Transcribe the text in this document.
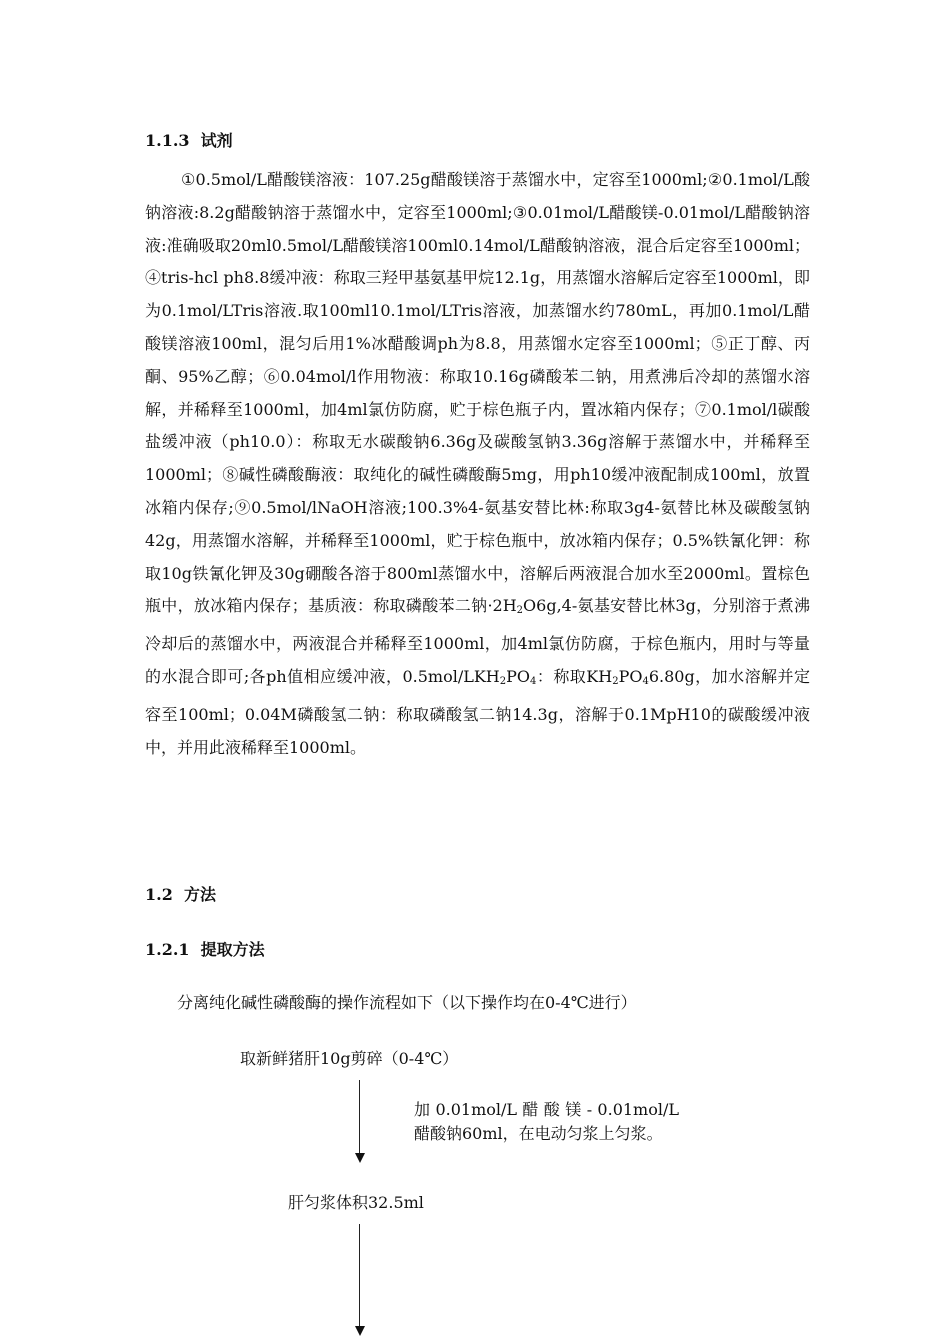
1.1.3  试剂

①0.5mol/L醋酸镁溶液：107.25g醋酸镁溶于蒸馏水中，定容至1000ml;②0.1mol/L酸钠溶液:8.2g醋酸钠溶于蒸馏水中，定容至1000ml;③0.01mol/L醋酸镁-0.01mol/L醋酸钠溶液:准确吸取20ml0.5mol/L醋酸镁溶100ml0.14mol/L醋酸钠溶液，混合后定容至1000ml；④tris-hcl ph8.8缓冲液：称取三羟甲基氨基甲烷12.1g，用蒸馏水溶解后定容至1000ml，即为0.1mol/LTris溶液.取100ml10.1mol/LTris溶液，加蒸馏水约780mL，再加0.1mol/L醋酸镁溶液100ml，混匀后用1%冰醋酸调ph为8.8，用蒸馏水定容至1000ml；⑤正丁醇、丙酮、95%乙醇；⑥0.04mol/l作用物液：称取10.16g磷酸苯二钠，用煮沸后冷却的蒸馏水溶解，并稀释至1000ml，加4ml氯仿防腐，贮于棕色瓶子内，置冰箱内保存；⑦0.1mol/l碳酸盐缓冲液（ph10.0）：称取无水碳酸钠6.36g及碳酸氢钠3.36g溶解于蒸馏水中，并稀释至1000ml；⑧碱性磷酸酶液：取纯化的碱性磷酸酶5mg，用ph10缓冲液配制成100ml，放置冰箱内保存;⑨0.5mol/lNaOH溶液;100.3%4-氨基安替比林:称取3g4-氨替比林及碳酸氢钠42g，用蒸馏水溶解，并稀释至1000ml，贮于棕色瓶中，放冰箱内保存；0.5%铁氰化钾：称取10g铁氰化钾及30g硼酸各溶于800ml蒸馏水中，溶解后两液混合加水至2000ml。置棕色瓶中，放冰箱内保存；基质液：称取磷酸苯二钠$\cdot 2H_2O6g,4-$氨基安替比林3g，分别溶于煮沸冷却后的蒸馏水中，两液混合并稀释至1000ml，加4ml氯仿防腐，于棕色瓶内，用时与等量的水混合即可;各ph值相应缓冲液，$0.5mol/LKH_2PO_4$：称取$KH_2PO_46.80g$，加水溶解并定容至100ml；0.04M磷酸氢二钠：称取磷酸氢二钠14.3g，溶解于0.1MpH10的碳酸缓冲液中，并用此液稀释至1000ml。

1.2  方法
1.2.1  提取方法
分离纯化碱性磷酸酶的操作流程如下（以下操作均在0-4℃进行）
取新鲜猪肝10g剪碎（0-4℃）

加 0.01mol/L 醋 酸 镁 - 0.01mol/L醋酸钠60ml，在电动匀浆上匀浆。

肝匀浆体积32.5ml
